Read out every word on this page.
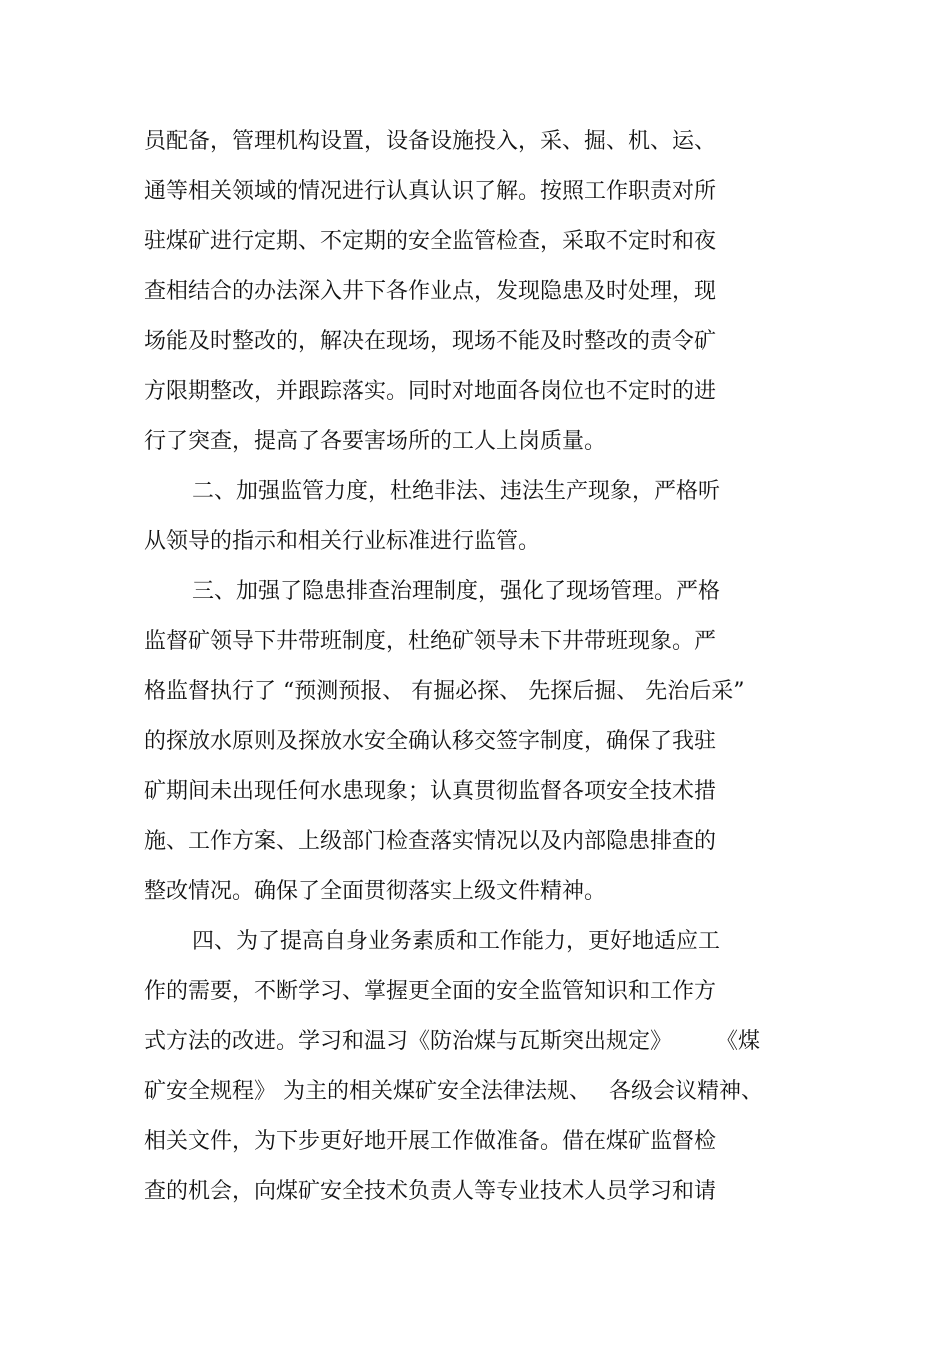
员配备，管理机构设置，设备设施投入，采、掘、机、运、
通等相关领域的情况进行认真认识了解。按照工作职责对所
驻煤矿进行定期、不定期的安全监管检查，采取不定时和夜
查相结合的办法深入井下各作业点，发现隐患及时处理，现
场能及时整改的，解决在现场，现场不能及时整改的责令矿
方限期整改，并跟踪落实。同时对地面各岗位也不定时的进
行了突查，提高了各要害场所的工人上岗质量。
二、加强监管力度，杜绝非法、违法生产现象，严格听
从领导的指示和相关行业标准进行监管。
三、加强了隐患排查治理制度，强化了现场管理。严格
监督矿领导下井带班制度，杜绝矿领导未下井带班现象。严
格监督执行了 “预测预报、 有掘必探、 先探后掘、 先治后采”
的探放水原则及探放水安全确认移交签字制度，确保了我驻
矿期间未出现任何水患现象；认真贯彻监督各项安全技术措
施、工作方案、上级部门检查落实情况以及内部隐患排查的
整改情况。确保了全面贯彻落实上级文件精神。
四、为了提高自身业务素质和工作能力，更好地适应工
作的需要，不断学习、掌握更全面的安全监管知识和工作方
式方法的改进。学习和温习《防治煤与瓦斯突出规定》　　　《煤
矿安全规程》 为主的相关煤矿安全法律法规、　 各级会议精神、
相关文件，为下步更好地开展工作做准备。借在煤矿监督检
查的机会，向煤矿安全技术负责人等专业技术人员学习和请
